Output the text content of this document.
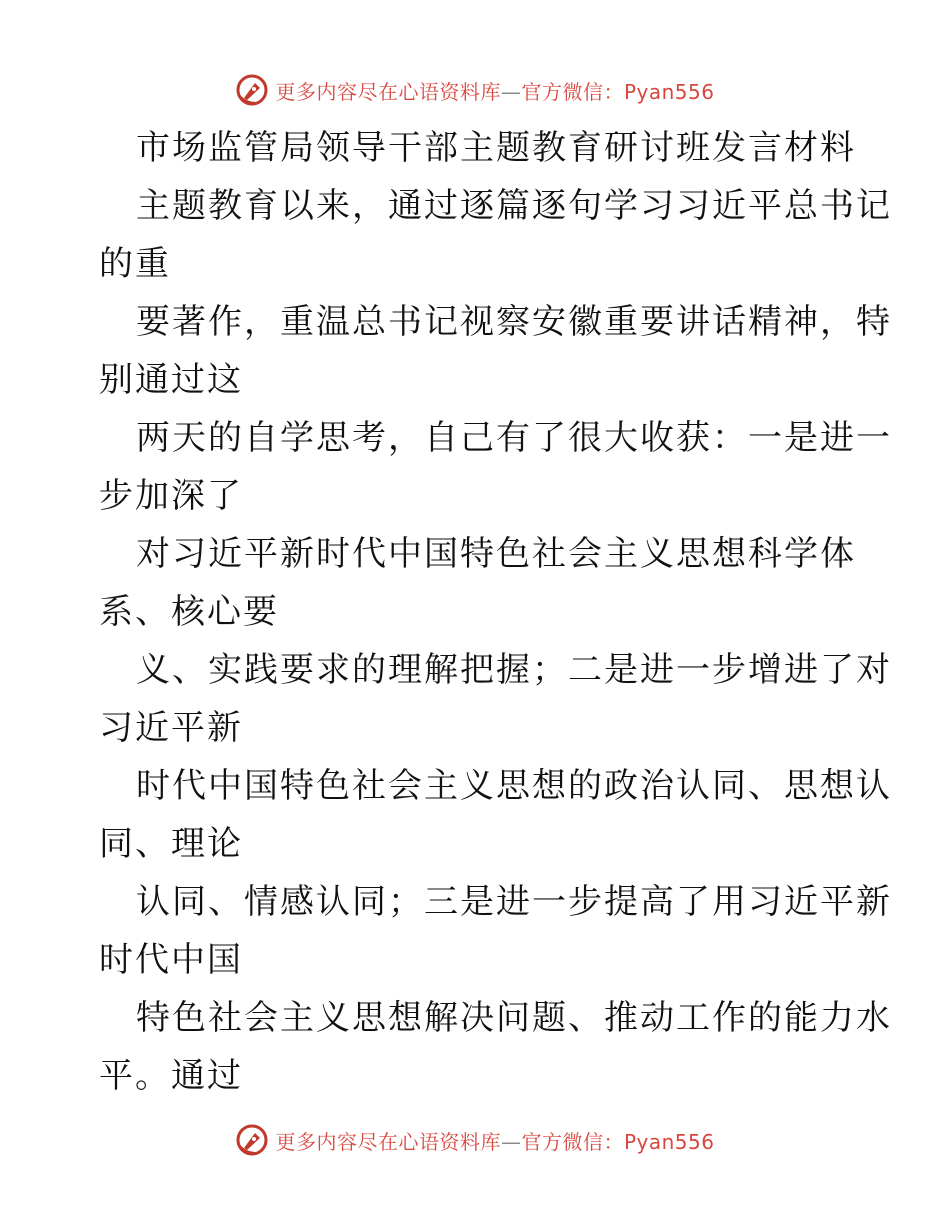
更多内容尽在心语资料库—官方微信：Pyan556
市场监管局领导干部主题教育研讨班发言材料
主题教育以来，通过逐篇逐句学习习近平总书记
的重
要著作，重温总书记视察安徽重要讲话精神，特
别通过这
两天的自学思考，自己有了很大收获：一是进一
步加深了
对习近平新时代中国特色社会主义思想科学体
系、核心要
义、实践要求的理解把握；二是进一步增进了对
习近平新
时代中国特色社会主义思想的政治认同、思想认
同、理论
认同、情感认同；三是进一步提高了用习近平新
时代中国
特色社会主义思想解决问题、推动工作的能力水
平。通过
更多内容尽在心语资料库—官方微信：Pyan556
